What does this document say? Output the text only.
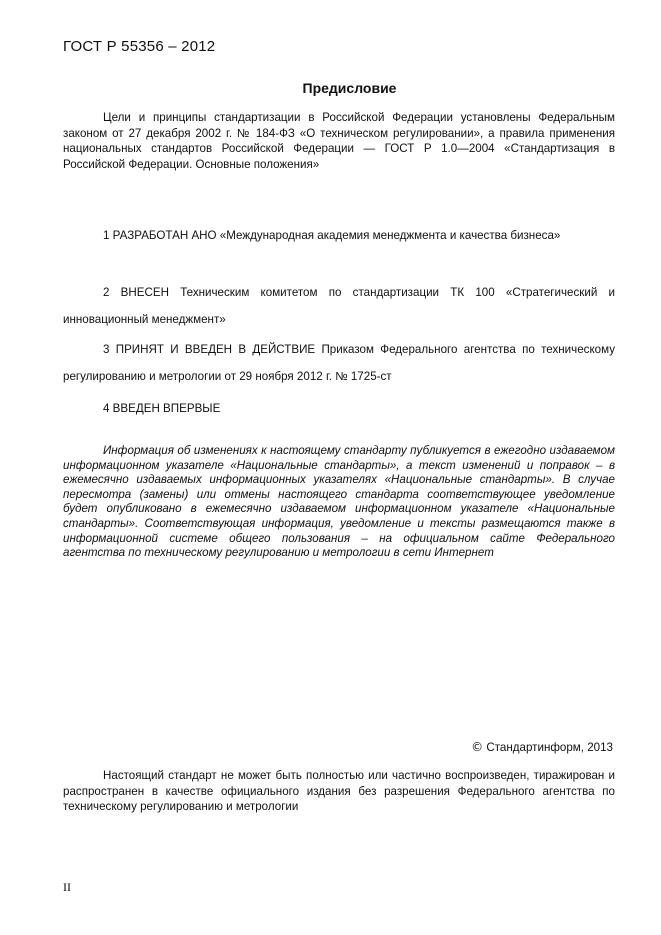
ГОСТ Р 55356 – 2012
Предисловие
Цели и принципы стандартизации в Российской Федерации установлены Федеральным законом от 27 декабря 2002 г. № 184-ФЗ «О техническом регулировании», а правила применения национальных стандартов Российской Федерации — ГОСТ Р 1.0—2004 «Стандартизация в Российской Федерации. Основные положения»
1 РАЗРАБОТАН АНО «Международная академия менеджмента и качества бизнеса»
2 ВНЕСЕН Техническим комитетом по стандартизации ТК 100 «Стратегический и инновационный менеджмент»
3 ПРИНЯТ И ВВЕДЕН В ДЕЙСТВИЕ Приказом Федерального агентства по техническому регулированию и метрологии от 29 ноября 2012 г. № 1725-ст
4 ВВЕДЕН ВПЕРВЫЕ
Информация об изменениях к настоящему стандарту публикуется в ежегодно издаваемом информационном указателе «Национальные стандарты», а текст изменений и поправок – в ежемесячно издаваемых информационных указателях «Национальные стандарты». В случае пересмотра (замены) или отмены настоящего стандарта соответствующее уведомление будет опубликовано в ежемесячно издаваемом информационном указателе «Национальные стандарты». Соответствующая информация, уведомление и тексты размещаются также в информационной системе общего пользования – на официальном сайте Федерального агентства по техническому регулированию и метрологии в сети Интернет
© Стандартинформ, 2013
Настоящий стандарт не может быть полностью или частично воспроизведен, тиражирован и распространен в качестве официального издания без разрешения Федерального агентства по техническому регулированию и метрологии
II
